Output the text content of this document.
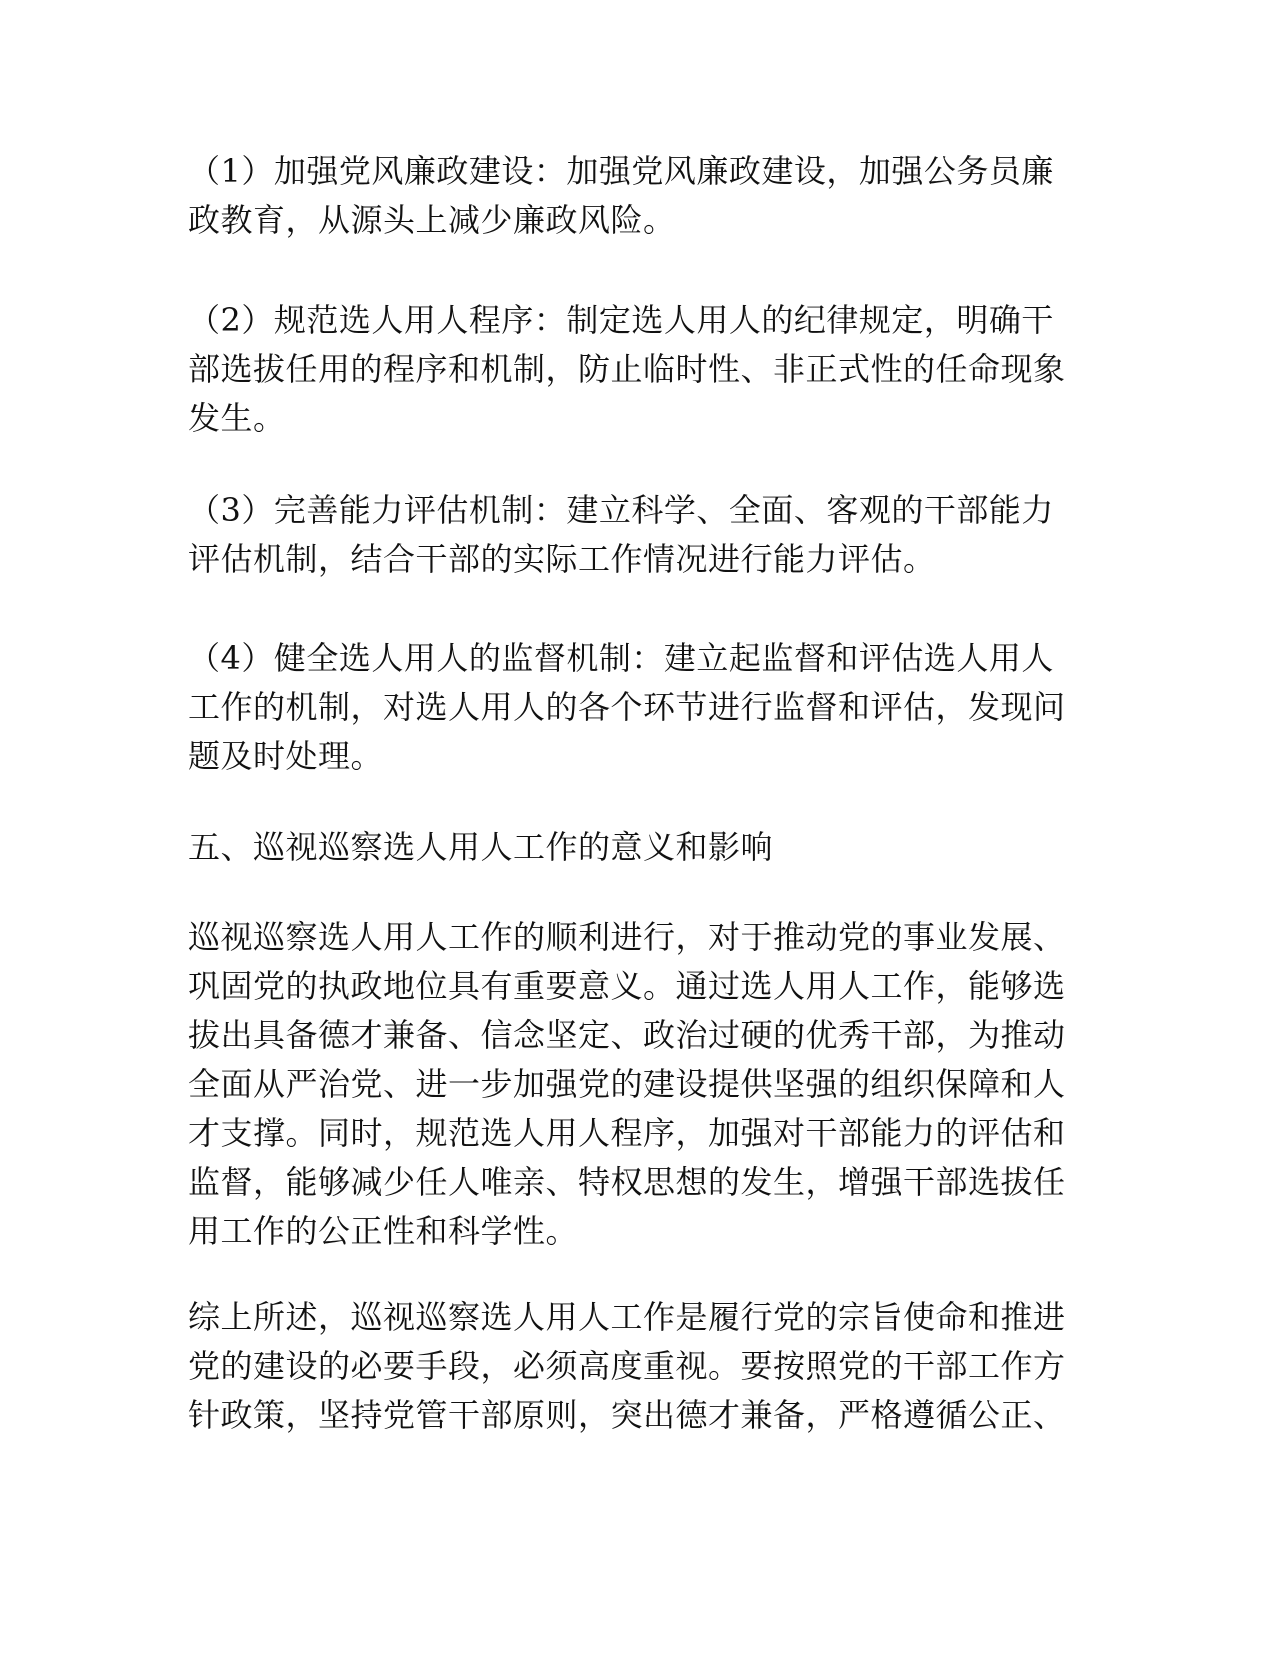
（1）加强党风廉政建设：加强党风廉政建设，加强公务员廉
政教育，从源头上减少廉政风险。

（2）规范选人用人程序：制定选人用人的纪律规定，明确干
部选拔任用的程序和机制，防止临时性、非正式性的任命现象
发生。

（3）完善能力评估机制：建立科学、全面、客观的干部能力
评估机制，结合干部的实际工作情况进行能力评估。

（4）健全选人用人的监督机制：建立起监督和评估选人用人
工作的机制，对选人用人的各个环节进行监督和评估，发现问
题及时处理。

五、巡视巡察选人用人工作的意义和影响

巡视巡察选人用人工作的顺利进行，对于推动党的事业发展、
巩固党的执政地位具有重要意义。通过选人用人工作，能够选
拔出具备德才兼备、信念坚定、政治过硬的优秀干部，为推动
全面从严治党、进一步加强党的建设提供坚强的组织保障和人
才支撑。同时，规范选人用人程序，加强对干部能力的评估和
监督，能够减少任人唯亲、特权思想的发生，增强干部选拔任
用工作的公正性和科学性。

综上所述，巡视巡察选人用人工作是履行党的宗旨使命和推进
党的建设的必要手段，必须高度重视。要按照党的干部工作方
针政策，坚持党管干部原则，突出德才兼备，严格遵循公正、
